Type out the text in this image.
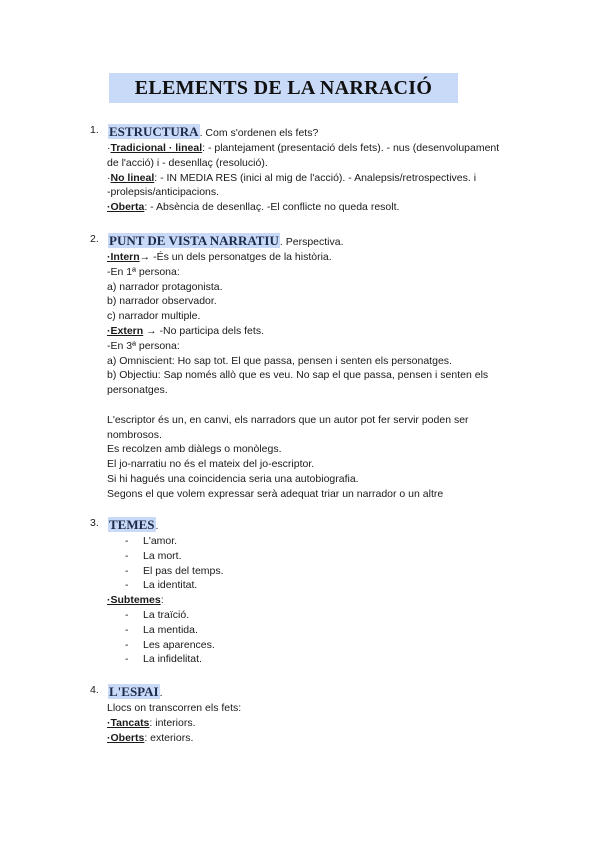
ELEMENTS DE LA NARRACIÓ
1. ESTRUCTURA. Com s'ordenen els fets?
·Tradicional · lineal: - plantejament (presentació dels fets). - nus (desenvolupament
de l'acció) i - desenllaç (resolució).
·No lineal: - IN MEDIA RES (inici al mig de l'acció). - Analepsis/retrospectives. i
-prolepsis/anticipacions.
·Oberta: - Absència de desenllaç. -El conflicte no queda resolt.
2. PUNT DE VISTA NARRATIU. Perspectiva.
·Intern→ -És un dels personatges de la història.
-En 1ª persona:
a) narrador protagonista.
b) narrador observador.
c) narrador multiple.
·Extern → -No participa dels fets.
-En 3ª persona:
a) Omniscient: Ho sap tot. El que passa, pensen i senten els personatges.
b) Objectiu: Sap només allò que es veu. No sap el que passa, pensen i senten els
personatges.
L'escriptor és un, en canvi, els narradors que un autor pot fer servir poden ser
nombrosos.
Es recolzen amb diàlegs o monòlegs.
El jo-narratiu no és el mateix del jo-escriptor.
Si hi hagués una coincidencia seria una autobiografia.
Segons el que volem expressar serà adequat triar un narrador o un altre
3. TEMES.
- L'amor.
- La mort.
- El pas del temps.
- La identitat.
·Subtemes:
- La traïció.
- La mentida.
- Les aparences.
- La infidelitat.
4. L'ESPAI.
Llocs on transcorren els fets:
·Tancats: interiors.
·Oberts: exteriors.
